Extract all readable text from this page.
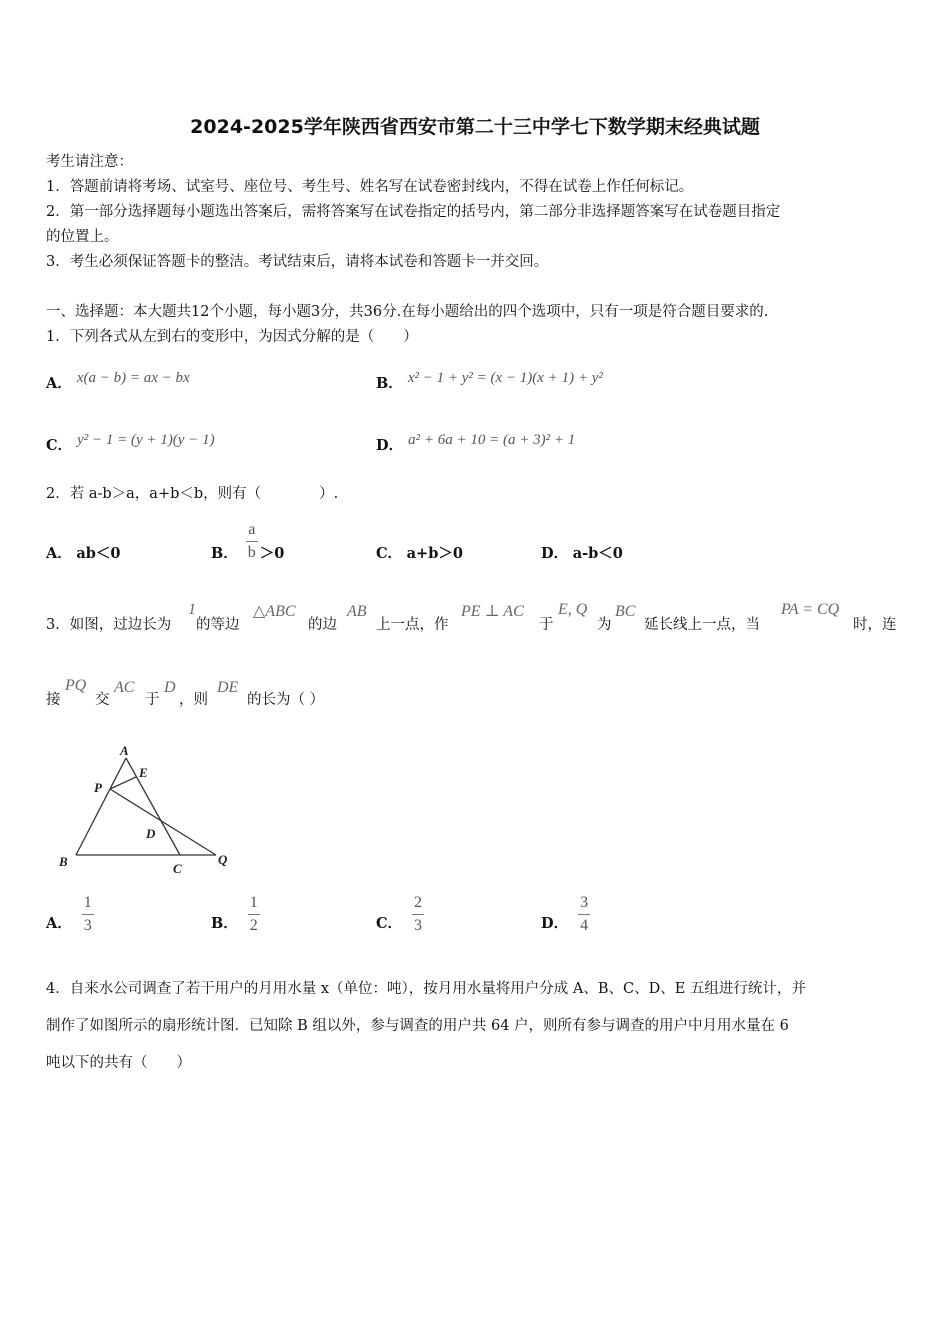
2024-2025学年陕西省西安市第二十三中学七下数学期末经典试题
考生请注意：
1．答题前请将考场、试室号、座位号、考生号、姓名写在试卷密封线内，不得在试卷上作任何标记。
2．第一部分选择题每小题选出答案后，需将答案写在试卷指定的括号内，第二部分非选择题答案写在试卷题目指定
的位置上。
3．考生必须保证答题卡的整洁。考试结束后，请将本试卷和答题卡一并交回。
一、选择题：本大题共12个小题，每小题3分，共36分.在每小题给出的四个选项中，只有一项是符合题目要求的.
1．下列各式从左到右的变形中，为因式分解的是（　　）
A． x(a − b) = ax − bx	B． x² − 1 + y² = (x − 1)(x + 1) + y²
C． y² − 1 = (y + 1)(y − 1)	D． a² + 6a + 10 = (a + 3)² + 1
2．若 a-b＞a，a+b＜b，则有（　　　　）.
A． ab＜0	B． $\frac{a}{b} >0$	C． a+b＞0	D． a-b＜0
3．如图，过边长为
1
的等边
△ABC
的边
AB
上一点，作
PE ⊥ AC
于
E, Q
为
BC
延长线上一点，当
PA = CQ
时，连
接
PQ
交
AC
于
D
，则
DE
的长为（ ）
A
E
P
D
B	C
Q
A． $\frac{1}{3}$	B． $\frac{1}{2}$	C． $\frac{2}{3}$	D． $\frac{3}{4}$
4．自来水公司调查了若干用户的月用水量 x（单位：吨），按月用水量将用户分成 A、B、C、D、E 五组进行统计，并
制作了如图所示的扇形统计图．已知除 B 组以外，参与调查的用户共 64 户，则所有参与调查的用户中月用水量在 6
吨以下的共有（　　）
